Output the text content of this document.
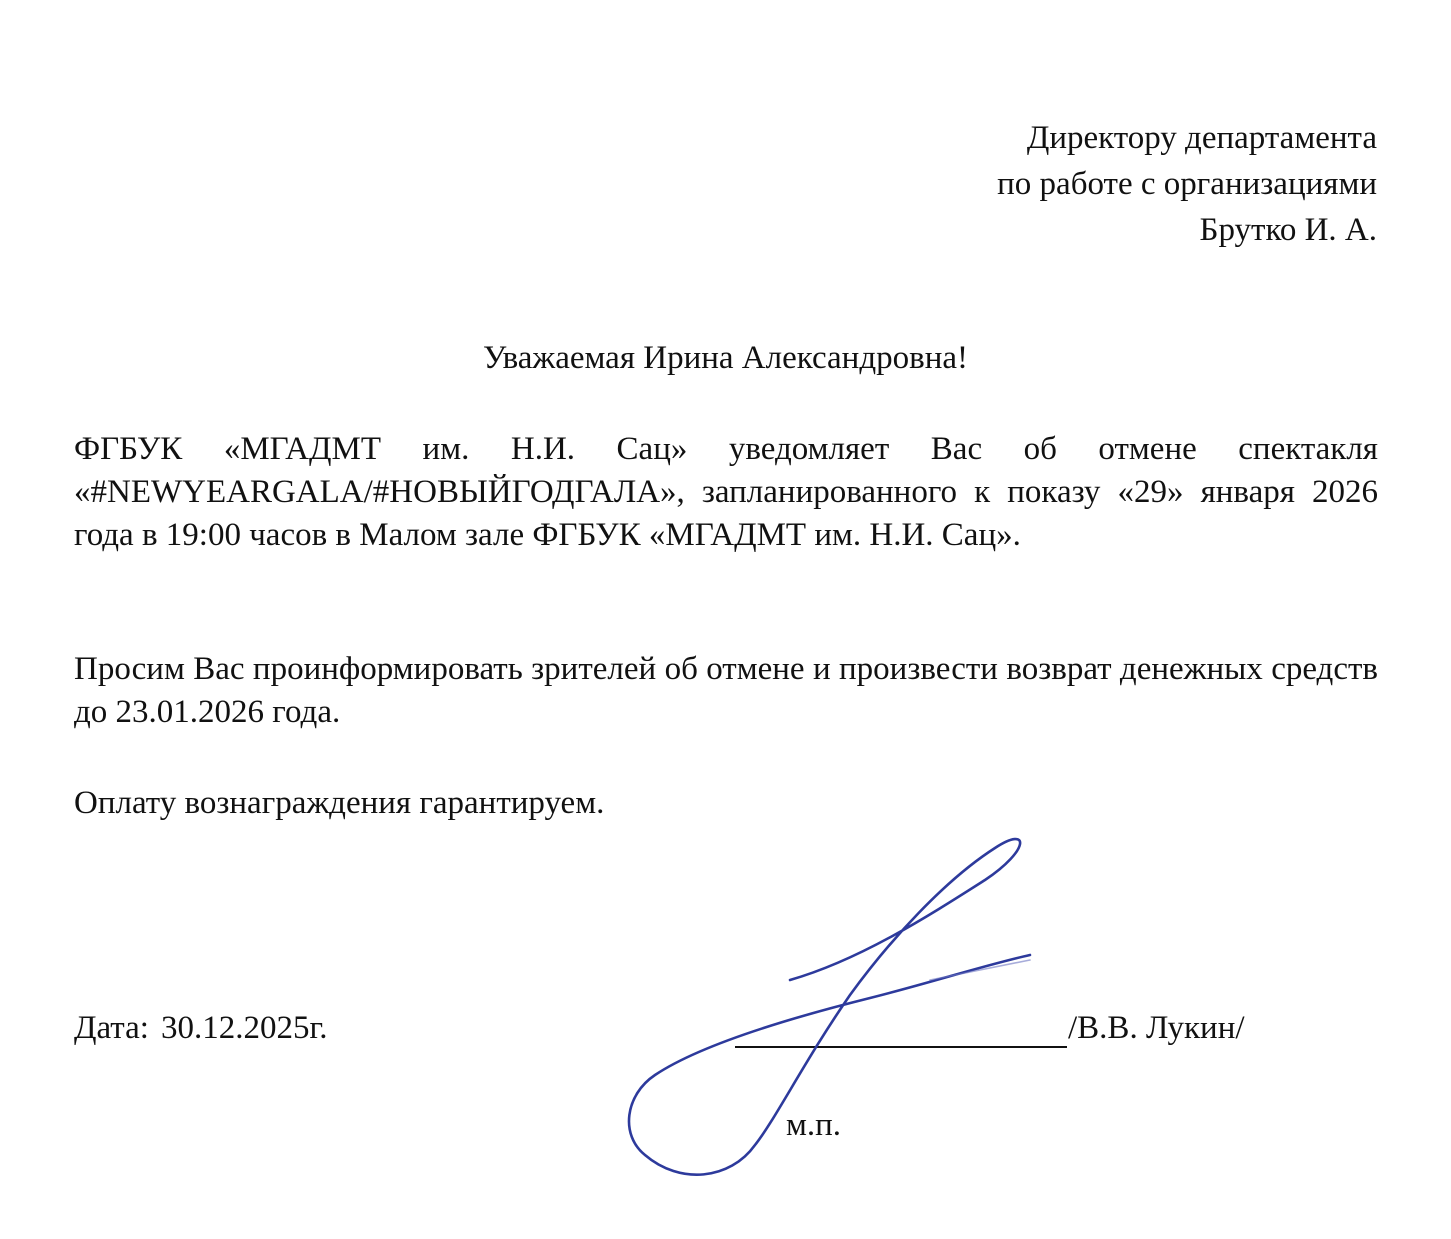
Директору департамента
по работе с организациями
Брутко И. А.
Уважаемая Ирина Александровна!
ФГБУК «МГАДМТ им. Н.И. Сац» уведомляет Вас об отмене спектакля «#NEWYEARGALA/#НОВЫЙГОДГАЛА», запланированного к показу «29» января 2026 года в 19:00 часов в Малом зале ФГБУК «МГАДМТ им. Н.И. Сац».
Просим Вас проинформировать зрителей об отмене и произвести возврат денежных средств до 23.01.2026 года.
Оплату вознаграждения гарантируем.
Дата: 30.12.2025г.	/В.В. Лукин/
м.п.
